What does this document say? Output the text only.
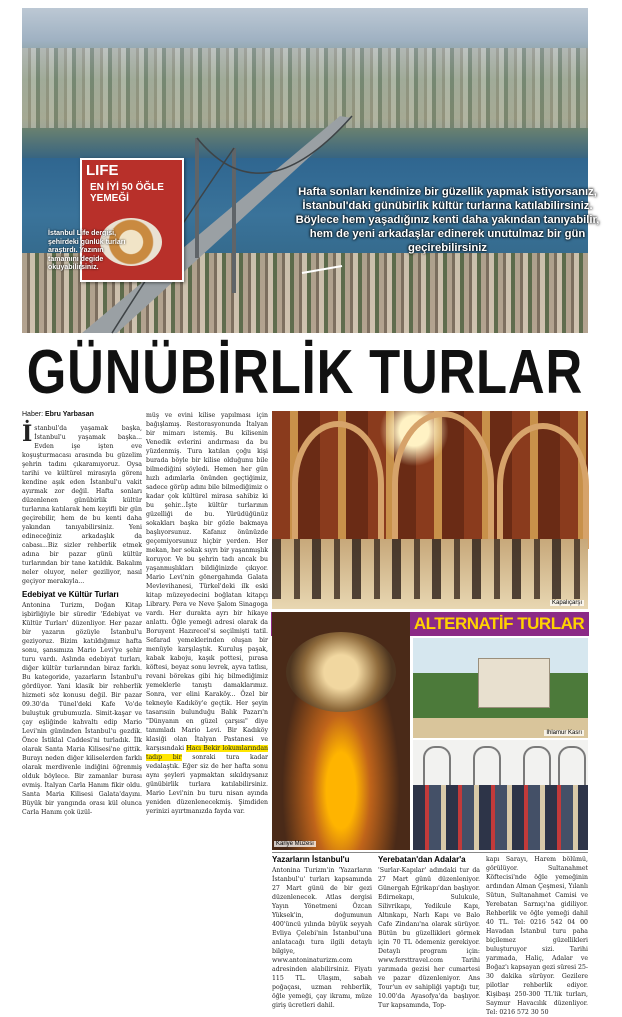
LIFE
EN İYİ 50 ÖĞLE YEMEĞİ
İstanbul Life dergisi, şehirdeki günlük turları araştırdı. Yazının tamamını degide okuyabilirsiniz.
Hafta sonları kendinize bir güzellik yapmak istiyorsanız, İstanbul'daki günübirlik kültür turlarına katılabilirsiniz. Böylece hem yaşadığınız kenti daha yakından tanıyabilir, hem de yeni arkadaşlar edinerek unutulmaz bir gün geçirebilirsiniz
GÜNÜBİRLİK TURLAR
Haber: Ebru Yarbasan

İ stanbul'da yaşamak başka, İstanbul'u yaşamak başka... Evden işe işten eve koşuşturmacası arasında bu güzelim şehrin tadını çıkaramıyoruz. Oysa tarihi ve kültürel mirasıyla görenı kendine aşık eden İstanbul'u vakit ayırmak zor değil. Hafta sonları düzenlenen günübirlik kültür turlarına katılarak hem keyifli bir gün geçirebilir, hem de bu kenti daha yakından tanıyabilirsiniz. Yeni edineceğiniz arkadaşlık da cabası...Biz sizler rehberlik etmek adına bir pazar günü kültür turlarından bir tane katıldık. Bakalım neler oluyor, neler geziliyor, nasıl geçiyor merakıyla...

Edebiyat ve Kültür Turları

Antonina Turizm, Doğan Kitap işbirliğiyle bir süredir 'Edebiyat ve Kültür Turları' düzenliyor. Her pazar bir yazarın gözüyle İstanbul'u geziyoruz. Bizim katıldığımız hafta sonu, şansımıza Mario Levi'ye şehir turu vardı. Aslında edebiyat turları, diğer kültür turlarından biraz farklı. Bu kategoride, yazarların İstanbul'u gördüyor. Yani klasik bir rehberlik hizmeti söz konusu değil. Bir pazar 09.30'da Tünel'deki Kafe Vo'de buluştuk grubumuzla. Simit-kaşar ve çay eşliğinde kahvaltı edip Mario Levi'nin gününden İstanbul'u gezdik. Önce İstiklal Caddesi'ni turladık. İlk olarak Santa Maria Kilisesi'ne gittik. Burayı neden diğer kiliselerden farklı olarak merdivenle indiğini öğrenmiş olduk böylece. Bir zamanlar burası evmiş. İtalyan Carla Hanım fikir oldu. Santa Maria Kilisesi Galata'dayını. Büyük bir yangında orası kül olunca Carla Hanım çok üzül-

müş ve evini kilise yapılması için bağışlamış. Restorasyonunda İtalyan bir mimarı istemiş. Bu kilisenin Venedik evlerini andırması da bu yüzdenmiş. Tura katılan çoğu kişi burada böyle bir kilise olduğunu bile bilmediğini söyledi. Hemen her gün hızlı adımlarla önünden geçtiğimiz, sadece görüp adını bile bilmediğimiz o kadar çok kültürel mirasa sahibiz ki bu şehir...İşte kültür turlarının güzelliği de bu. Yürüdüğünüz sokakları başka bir gözle bakmaya başlıyorsunuz. Kafanız önünüzde geçemiyorsunuz hiçbir yerden. Her mekan, her sokak sıyrı bir yaşanmışlık koruyor. Ve bu şehrin tadı ancak bu yaşanmışlıkları bildiğinizde çıkıyor. Mario Levi'nin gönergahında Galata Mevlevihanesi, Türkel'deki ilk eski kitap müzeyedecini boğlatan kitapçı Library. Pera ve Neve Şalom Sinagoga vardı. Her durakta ayrı bir hikaye anlattı. Öğle yemeği adresi olarak da Boruyent Hazırecel'si seçilmişti tatil. Sefarad yemeklerinden oluşan bir menüyle karşılaştık. Kuruluş paşak, kabak kaboju, kaşık pottesi, pırasa köftesi, beyaz sonu levrek, ayva tatlısı, revani börekas gibi hiç bilmediğimiz yemeklerle tanıştı damaklarımız. Sonra, ver elini Karaköy... Özel bir tekneyle Kadıköy'e geçtik. Her şeyin tasarısıin bulunduğu Balık Pazarı'n "Dünyanın en güzel çarşısı" diye tanımladı Mario Levi. Bir Kadıköy klasiği olan İtalyan Pastanesi ve karşısındaki Hacı Bekir lokumlarından tadıp bir sonraki tura kadar vedalaştık. Eğer siz de her hafta sonu aynı şeyleri yapmaktan sıkıldıysanız günübirlik turlara katılabilirsiniz. Mario Levi'nin bu turu nisan ayında yeniden düzenlenecekmiş. Şimdiden yerinizi ayırtmanızda fayda var.

Kapalıçarşı
ALTERNATİF TURLAR
Kariye Müzesi
Ihlamur Kasrı
Yazarların İstanbul'u

Antonina Turizm'in 'Yazarların İstanbul'u' turları kapsamında 27 Mart günü de bir gezi düzenlenecek. Atlas dergisi Yayın Yönetmeni Özcan Yüksek'in, doğumunun 400'üncü yılında büyük seyyah Evliya Çelebi'nin İstanbul'una anlatacağı tura ilgili detaylı bilgiye, www.antoninaturizm.com adresinden alabilirsiniz. Fiyatı 115 TL. Ulaşım, sabah poğaçası, uzman rehberlik, öğle yemeği, çay ikramı, müze giriş ücretleri dahil.

Yerebatan'dan Adalar'a

'Surlar-Kapılar' adındaki tur da 27 Mart günü düzenleniyor. Günergah Eğrikapı'dan başlıyor. Edirnekapı, Sulukule, Silivrikapı, Yedikule Kapı, Altınkapı, Narlı Kapı ve Balo Cafe Zindanı'na olarak sürüyor. Bütün bu güzellikleri görmek için 70 TL ödemeniz gerekiyor. Detaylı program için: www.fersttravel.com Tarihi yarımada gezisi her cumartesi ve pazar düzenleniyor. Ans Tour'un ev sahipliği yaptığı tur, 10.00'da Ayasofya'da başlıyor. Tur kapsamında, Top-

kapı Sarayı, Harem bölümü, görülüyor. Sultanahmet Köftecisi'nde öğle yemeğinin ardından Alman Çeşmesi, Yılanlı Sütun, Sultanahmet Camisi ve Yerebatan Sarnıçı'na gidiliyor. Rehberlik ve öğle yemeği dahil 40 TL. Tel: 0216 542 04 00 Havadan İstanbul turu paha biçilemez güzellikleri buluşturuyor sizi. Tarihi yarımada, Haliç, Adalar ve Boğaz'ı kapsayan gezi süresi 25-30 dakika sürüyor. Gezilere pilotlar rehberlik ediyor. Kişibaşı 250-300 TL'lik turları, Saymur Havacılık düzenliyor. Tel: 0216 572 30 50
